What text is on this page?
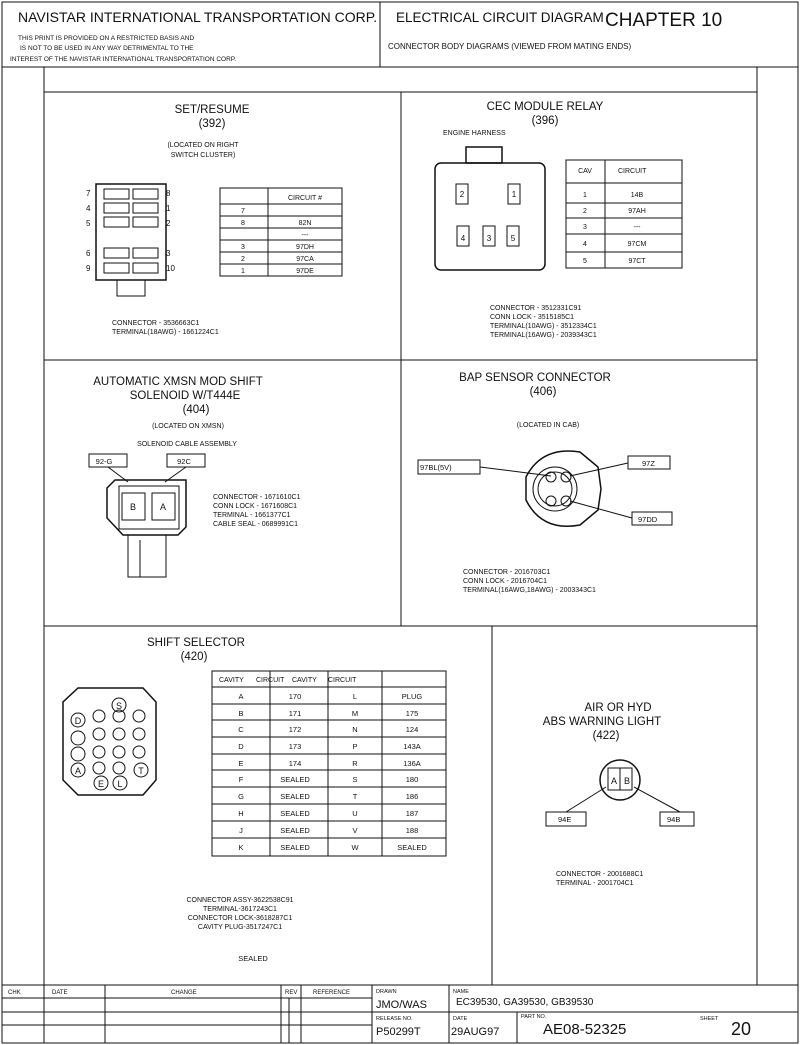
NAVISTAR INTERNATIONAL TRANSPORTATION CORP.
THIS PRINT IS PROVIDED ON A RESTRICTED BASIS AND
IS NOT TO BE USED IN ANY WAY DETRIMENTAL TO THE
INTEREST OF THE NAVISTAR INTERNATIONAL TRANSPORTATION CORP.
ELECTRICAL CIRCUIT DIAGRAM CHAPTER 10
CONNECTOR BODY DIAGRAMS (VIEWED FROM MATING ENDS)
SET/RESUME
(392)
(LOCATED ON RIGHT
SWITCH CLUSTER)
7
4
5
6
9
8
1
2
3
10
CIRCUIT #
7
8	82N
---
3	97DH
2	97CA
1	97DE
CONNECTOR - 3536663C1
TERMINAL(18AWG) - 1661224C1
CEC MODULE RELAY
(396)
ENGINE HARNESS
2	1
4	3 5
CAV	CIRCUIT
1	14B
2	97AH
3	---
4	97CM
5	97CT
CONNECTOR - 3512331C91
CONN LOCK - 3515185C1
TERMINAL(10AWG) - 3512334C1
TERMINAL(16AWG) - 2039343C1
AUTOMATIC XMSN MOD SHIFT
SOLENOID W/T444E
(404)
(LOCATED ON XMSN)
SOLENOID CABLE ASSEMBLY
92-G	92C
B	A
CONNECTOR - 1671610C1
CONN LOCK - 1671608C1
TERMINAL - 1661377C1
CABLE SEAL - 0689991C1
BAP SENSOR CONNECTOR
(406)
(LOCATED IN CAB)
97BL(5V)	97Z
97DD
CONNECTOR - 2016703C1
CONN LOCK - 2016704C1
TERMINAL(16AWG,18AWG) - 2003343C1
SHIFT SELECTOR
(420)
S
D
A	T
E L
CAVITY CIRCUIT CAVITY CIRCUIT
A	170	L	PLUG
B	171	M	175
C	172	N	124
D	173	P	143A
E	174	R	136A
F	SEALED	S	180
G	SEALED	T	186
H	SEALED	U	187
J	SEALED	V	188
K	SEALED	W	SEALED
CONNECTOR ASSY-3622538C91
TERMINAL-3617243C1
CONNECTOR LOCK-3618287C1
CAVITY PLUG-3517247C1
SEALED
AIR OR HYD
ABS WARNING LIGHT
(422)
A B
94E	94B
CONNECTOR - 2001688C1
TERMINAL - 2001704C1
CHK	DATE	CHANGE	REV	REFERENCE	DRAWN
JMO/WAS
NAME
EC39530, GA39530, GB39530
RELEASE NO.
P50299T
DATE
29AUG97
PART NO.
AE08-52325
SHEET 20
